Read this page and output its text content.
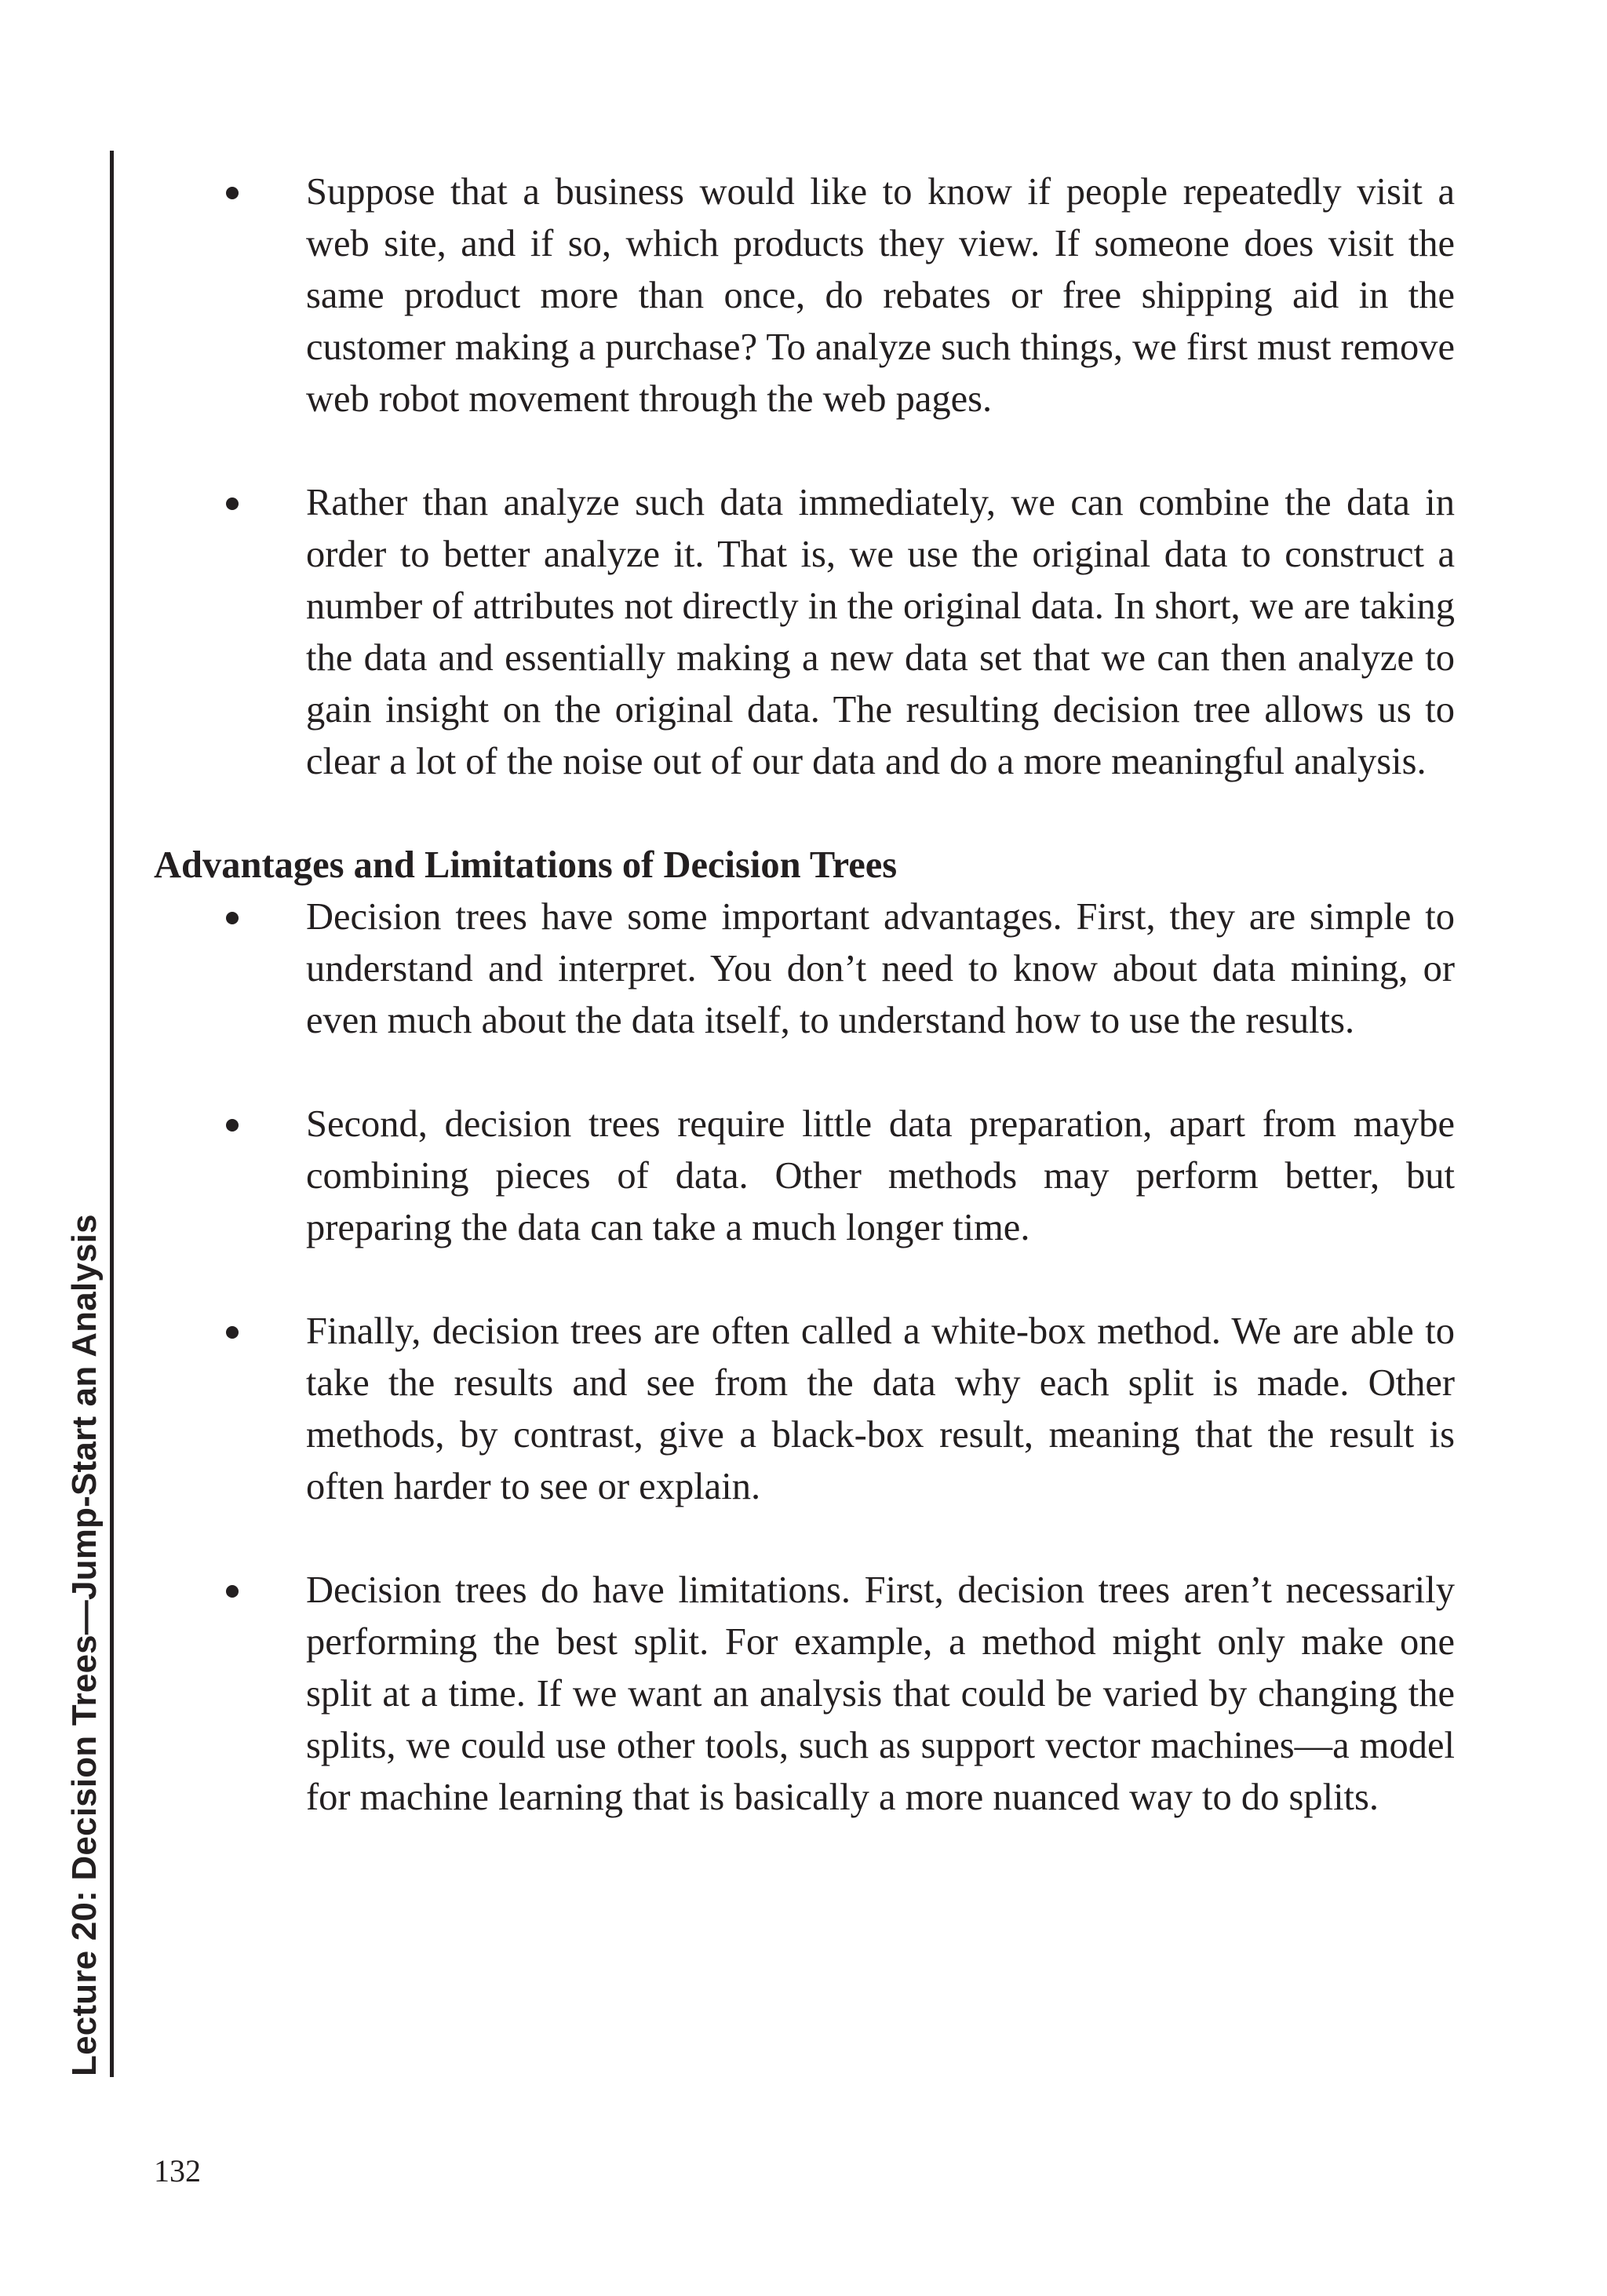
Lecture 20: Decision Trees—Jump-Start an Analysis
Suppose that a business would like to know if people repeatedly visit a web site, and if so, which products they view. If someone does visit the same product more than once, do rebates or free shipping aid in the customer making a purchase? To analyze such things, we first must remove web robot movement through the web pages.
Rather than analyze such data immediately, we can combine the data in order to better analyze it. That is, we use the original data to construct a number of attributes not directly in the original data. In short, we are taking the data and essentially making a new data set that we can then analyze to gain insight on the original data. The resulting decision tree allows us to clear a lot of the noise out of our data and do a more meaningful analysis.
Advantages and Limitations of Decision Trees
Decision trees have some important advantages. First, they are simple to understand and interpret. You don’t need to know about data mining, or even much about the data itself, to understand how to use the results.
Second, decision trees require little data preparation, apart from maybe combining pieces of data. Other methods may perform better, but preparing the data can take a much longer time.
Finally, decision trees are often called a white-box method. We are able to take the results and see from the data why each split is made. Other methods, by contrast, give a black-box result, meaning that the result is often harder to see or explain.
Decision trees do have limitations. First, decision trees aren’t necessarily performing the best split. For example, a method might only make one split at a time. If we want an analysis that could be varied by changing the splits, we could use other tools, such as support vector machines—a model for machine learning that is basically a more nuanced way to do splits.
132
